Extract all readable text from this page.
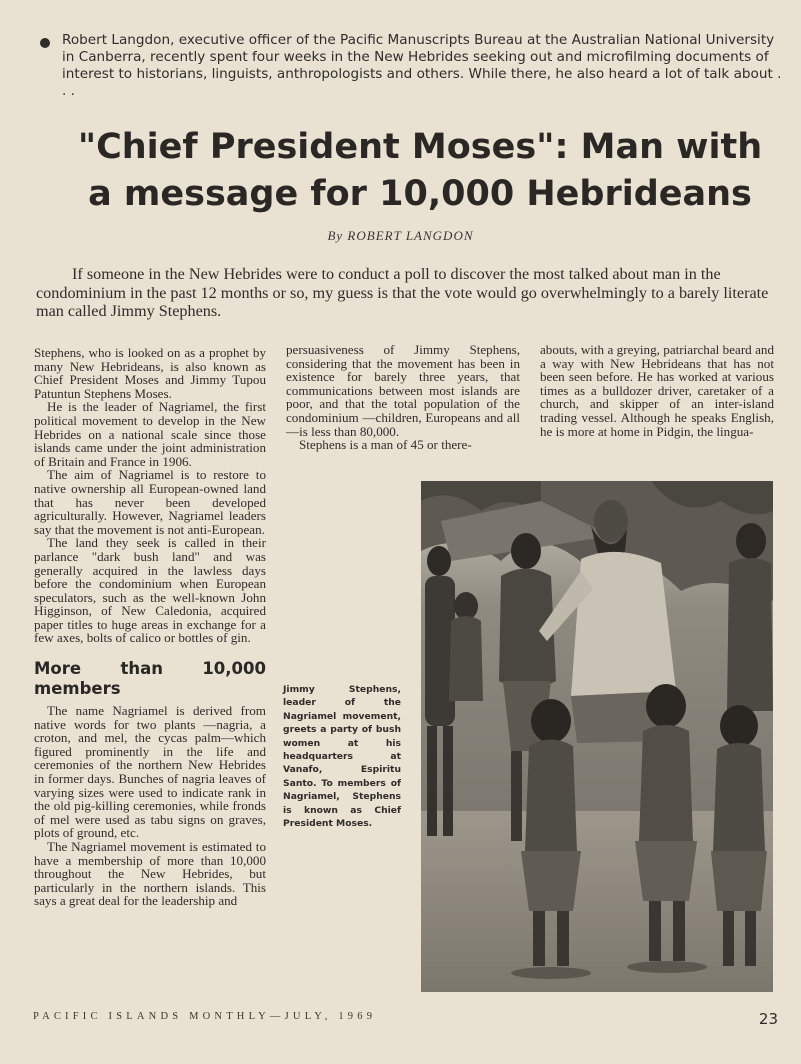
Robert Langdon, executive officer of the Pacific Manuscripts Bureau at the Australian National University in Canberra, recently spent four weeks in the New Hebrides seeking out and microfilming documents of interest to historians, linguists, anthropologists and others. While there, he also heard a lot of talk about . . .

"Chief President Moses": Man with a message for 10,000 Hebrideans
By ROBERT LANGDON

If someone in the New Hebrides were to conduct a poll to discover the most talked about man in the condominium in the past 12 months or so, my guess is that the vote would go overwhelmingly to a barely literate man called Jimmy Stephens.

Stephens, who is looked on as a prophet by many New Hebrideans, is also known as Chief President Moses and Jimmy Tupou Patuntun Stephens Moses.

He is the leader of Nagriamel, the first political movement to develop in the New Hebrides on a national scale since those islands came under the joint administration of Britain and France in 1906.

The aim of Nagriamel is to restore to native ownership all European-owned land that has never been developed agriculturally. However, Nagriamel leaders say that the movement is not anti-European.

The land they seek is called in their parlance "dark bush land" and was generally acquired in the lawless days before the condominium when European speculators, such as the well-known John Higginson, of New Caledonia, acquired paper titles to huge areas in exchange for a few axes, bolts of calico or bottles of gin.

More than 10,000 members

The name Nagriamel is derived from native words for two plants —nagria, a croton, and mel, the cycas palm—which figured prominently in the life and ceremonies of the northern New Hebrides in former days. Bunches of nagria leaves of varying sizes were used to indicate rank in the old pig-killing ceremonies, while fronds of mel were used as tabu signs on graves, plots of ground, etc.

The Nagriamel movement is estimated to have a membership of more than 10,000 throughout the New Hebrides, but particularly in the northern islands. This says a great deal for the leadership and

persuasiveness of Jimmy Stephens, considering that the movement has been in existence for barely three years, that communications between most islands are poor, and that the total population of the condominium —children, Europeans and all—is less than 80,000.

Stephens is a man of 45 or there-

abouts, with a greying, patriarchal beard and a way with New Hebrideans that has not been seen before. He has worked at various times as a bulldozer driver, caretaker of a church, and skipper of an inter-island trading vessel. Although he speaks English, he is more at home in Pidgin, the lingua-

Jimmy Stephens, leader of the Nagriamel movement, greets a party of bush women at his headquarters at Vanafo, Espiritu Santo. To members of Nagriamel, Stephens is known as Chief President Moses.
PACIFIC ISLANDS MONTHLY—JULY, 1969	23
